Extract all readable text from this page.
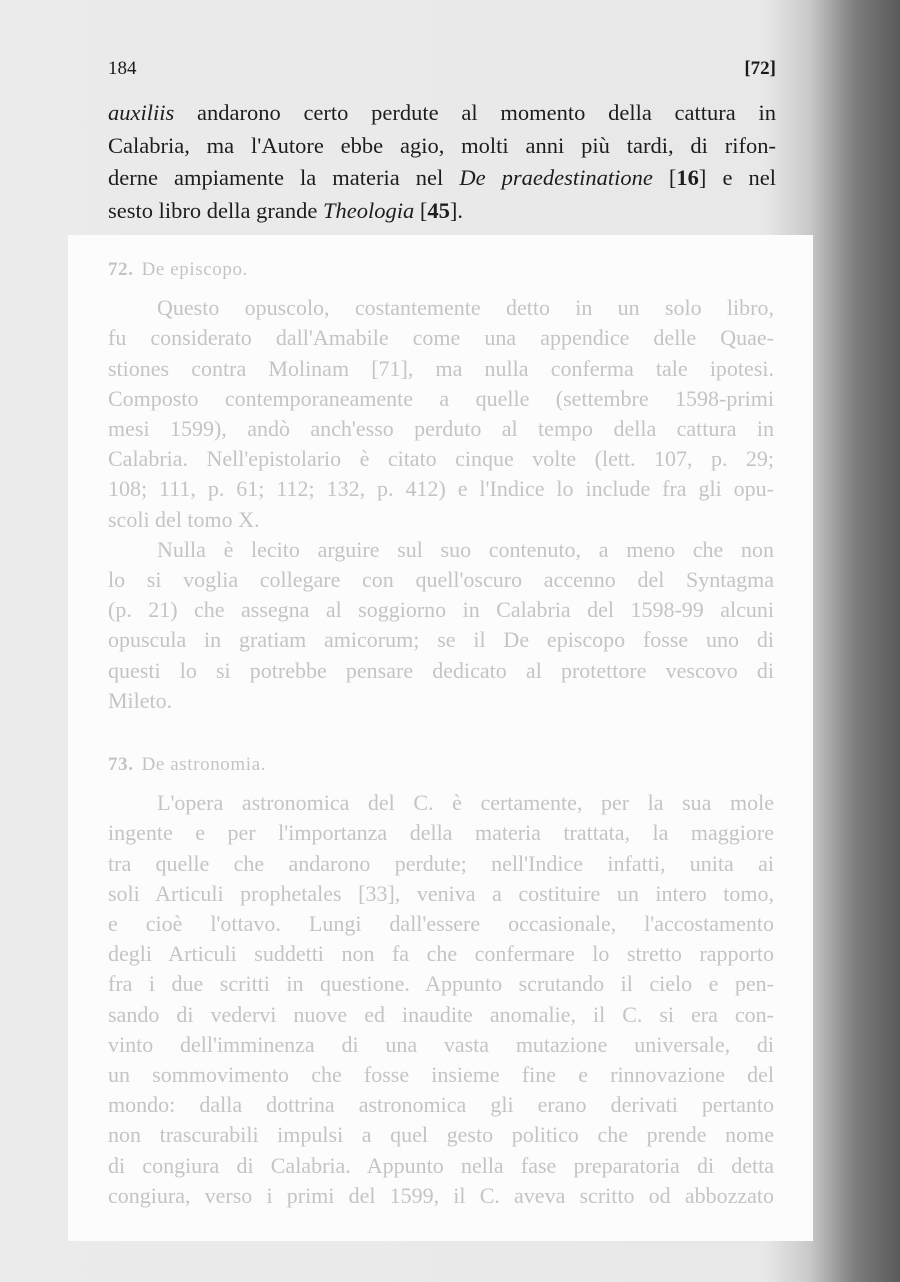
184	[72]
auxiliis andarono certo perdute al momento della cattura in
Calabria, ma l'Autore ebbe agio, molti anni più tardi, di rifon-
derne ampiamente la materia nel De praedestinatione [16] e nel
sesto libro della grande Theologia [45].
72. De episcopo.
Questo opuscolo, costantemente detto in un solo libro,
fu considerato dall'Amabile come una appendice delle Quae-
stiones contra Molinam [71], ma nulla conferma tale ipotesi.
Composto contemporaneamente a quelle (settembre 1598-primi
mesi 1599), andò anch'esso perduto al tempo della cattura in
Calabria. Nell'epistolario è citato cinque volte (lett. 107, p. 29;
108; 111, p. 61; 112; 132, p. 412) e l'Indice lo include fra gli opu-
scoli del tomo X.
Nulla è lecito arguire sul suo contenuto, a meno che non
lo si voglia collegare con quell'oscuro accenno del Syntagma
(p. 21) che assegna al soggiorno in Calabria del 1598-99 alcuni
opuscula in gratiam amicorum; se il De episcopo fosse uno di
questi lo si potrebbe pensare dedicato al protettore vescovo di
Mileto.
73. De astronomia.
L'opera astronomica del C. è certamente, per la sua mole
ingente e per l'importanza della materia trattata, la maggiore
tra quelle che andarono perdute; nell'Indice infatti, unita ai
soli Articuli prophetales [33], veniva a costituire un intero tomo,
e cioè l'ottavo. Lungi dall'essere occasionale, l'accostamento
degli Articuli suddetti non fa che confermare lo stretto rapporto
fra i due scritti in questione. Appunto scrutando il cielo e pen-
sando di vedervi nuove ed inaudite anomalie, il C. si era con-
vinto dell'imminenza di una vasta mutazione universale, di
un sommovimento che fosse insieme fine e rinnovazione del
mondo: dalla dottrina astronomica gli erano derivati pertanto
non trascurabili impulsi a quel gesto politico che prende nome
di congiura di Calabria. Appunto nella fase preparatoria di detta
congiura, verso i primi del 1599, il C. aveva scritto od abbozzato
